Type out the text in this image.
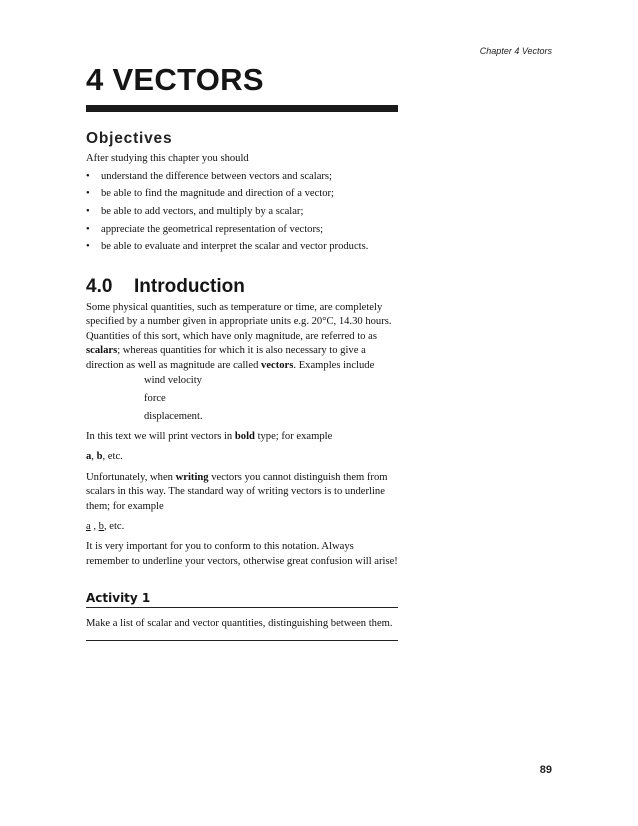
Chapter 4 Vectors
4 VECTORS
Objectives

After studying this chapter you should

• understand the difference between vectors and scalars;
• be able to find the magnitude and direction of a vector;
• be able to add vectors, and multiply by a scalar;
• appreciate the geometrical representation of vectors;
• be able to evaluate and interpret the scalar and vector products.
4.0 Introduction

Some physical quantities, such as temperature or time, are completely specified by a number given in appropriate units e.g. 20°C, 14.30 hours. Quantities of this sort, which have only magnitude, are referred to as scalars; whereas quantities for which it is also necessary to give a direction as well as magnitude are called vectors. Examples include

wind velocity
force
displacement.

In this text we will print vectors in bold type; for example

a, b, etc.

Unfortunately, when writing vectors you cannot distinguish them from scalars in this way. The standard way of writing vectors is to underline them; for example

a , b, etc.

It is very important for you to conform to this notation. Always remember to underline your vectors, otherwise great confusion will arise!

Activity 1

Make a list of scalar and vector quantities, distinguishing between them.

89
